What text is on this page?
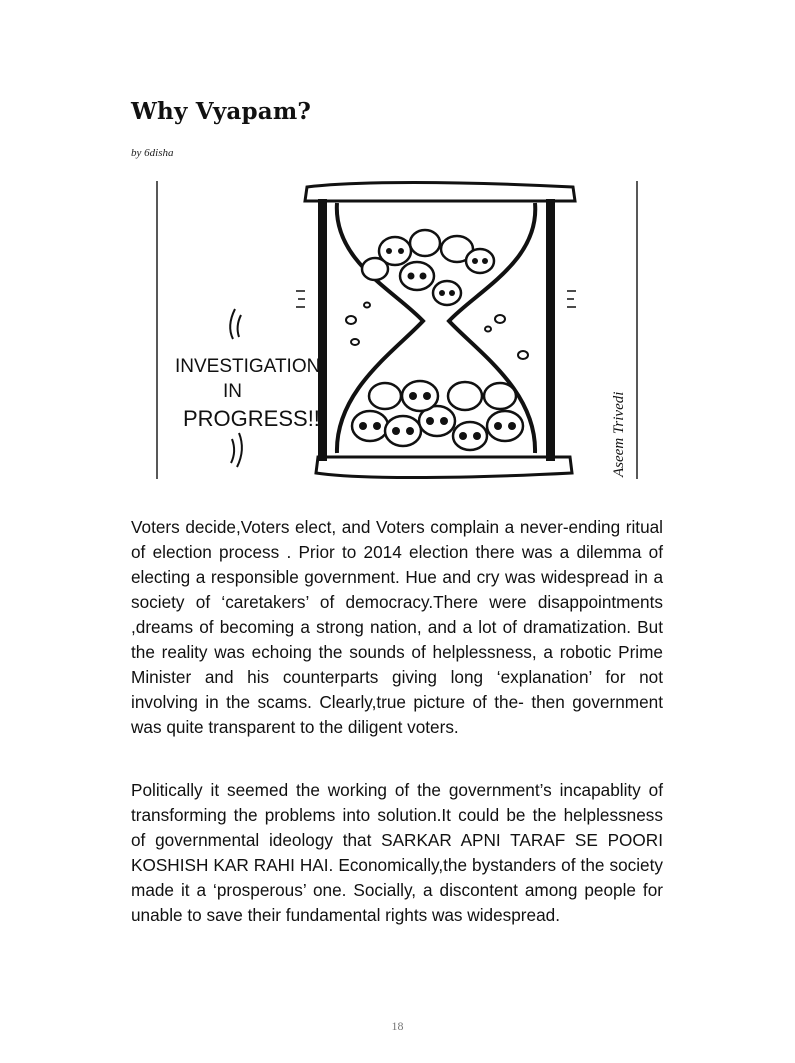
Why Vyapam?
by 6disha
INVESTIGATION
IN
PROGRESS!!	Aseem Trivedi

Voters decide,Voters elect, and Voters complain a never-ending ritual of election process . Prior to 2014 election there was a dilemma of electing a responsible government. Hue and cry was widespread in a society of ‘caretakers’ of democracy.There were disappointments ,dreams of becoming a strong nation, and a lot of dramatization. But the reality was echoing the sounds of helplessness, a robotic Prime Minister and his counterparts giving long ‘explanation’ for not involving in the scams. Clearly,true picture of the- then government was quite transparent to the diligent voters.

Politically it seemed the working of the government’s incapablity of transforming the problems into solution.It could be the helplessness of governmental ideology that SARKAR APNI TARAF SE POORI KOSHISH KAR RAHI HAI. Economically,the bystanders of the society made it a ‘prosperous’ one. Socially, a discontent among people for unable to save their fundamental rights was widespread.

18
